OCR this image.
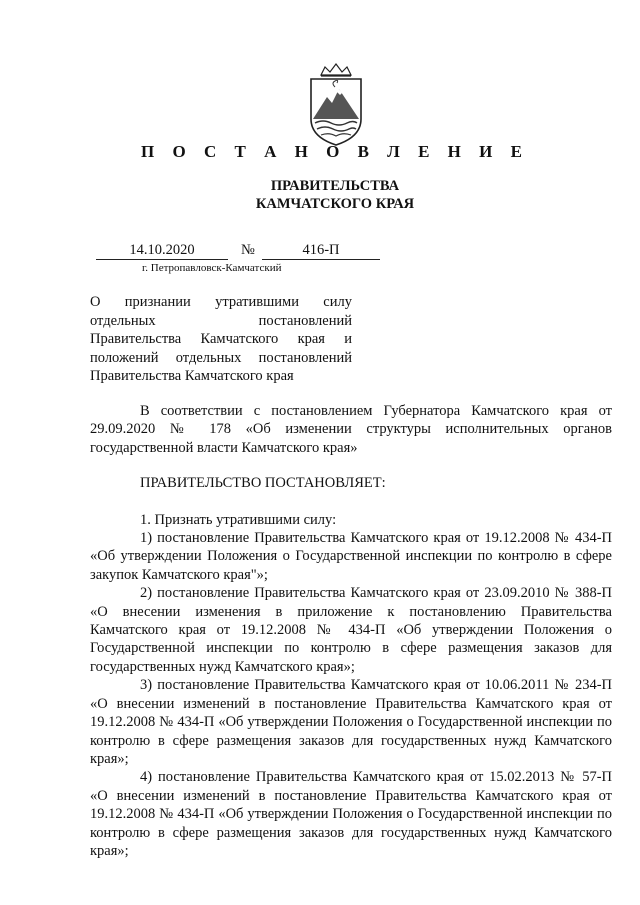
П О С Т А Н О В Л Е Н И Е
ПРАВИТЕЛЬСТВА
КАМЧАТСКОГО КРАЯ
14.10.2020	№	416-П
г. Петропавловск-Камчатский
О признании утратившими силу
отдельных постановлений
Правительства Камчатского края и
положений отдельных постановлений
Правительства Камчатского края

В соответствии с постановлением Губернатора Камчатского края от 29.09.2020 № 178 «Об изменении структуры исполнительных органов государственной власти Камчатского края»

ПРАВИТЕЛЬСТВО ПОСТАНОВЛЯЕТ:

1. Признать утратившими силу:

1) постановление Правительства Камчатского края от 19.12.2008 № 434-П «Об утверждении Положения о Государственной инспекции по контролю в сфере закупок Камчатского края"»;

2) постановление Правительства Камчатского края от 23.09.2010 № 388-П «О внесении изменения в приложение к постановлению Правительства Камчатского края от 19.12.2008 № 434-П «Об утверждении Положения о Государственной инспекции по контролю в сфере размещения заказов для государственных нужд Камчатского края»;

3) постановление Правительства Камчатского края от 10.06.2011 № 234-П «О внесении изменений в постановление Правительства Камчатского края от 19.12.2008 № 434-П «Об утверждении Положения о Государственной инспекции по контролю в сфере размещения заказов для государственных нужд Камчатского края»;

4) постановление Правительства Камчатского края от 15.02.2013 № 57-П «О внесении изменений в постановление Правительства Камчатского края от 19.12.2008 № 434-П «Об утверждении Положения о Государственной инспекции по контролю в сфере размещения заказов для государственных нужд Камчатского края»;
